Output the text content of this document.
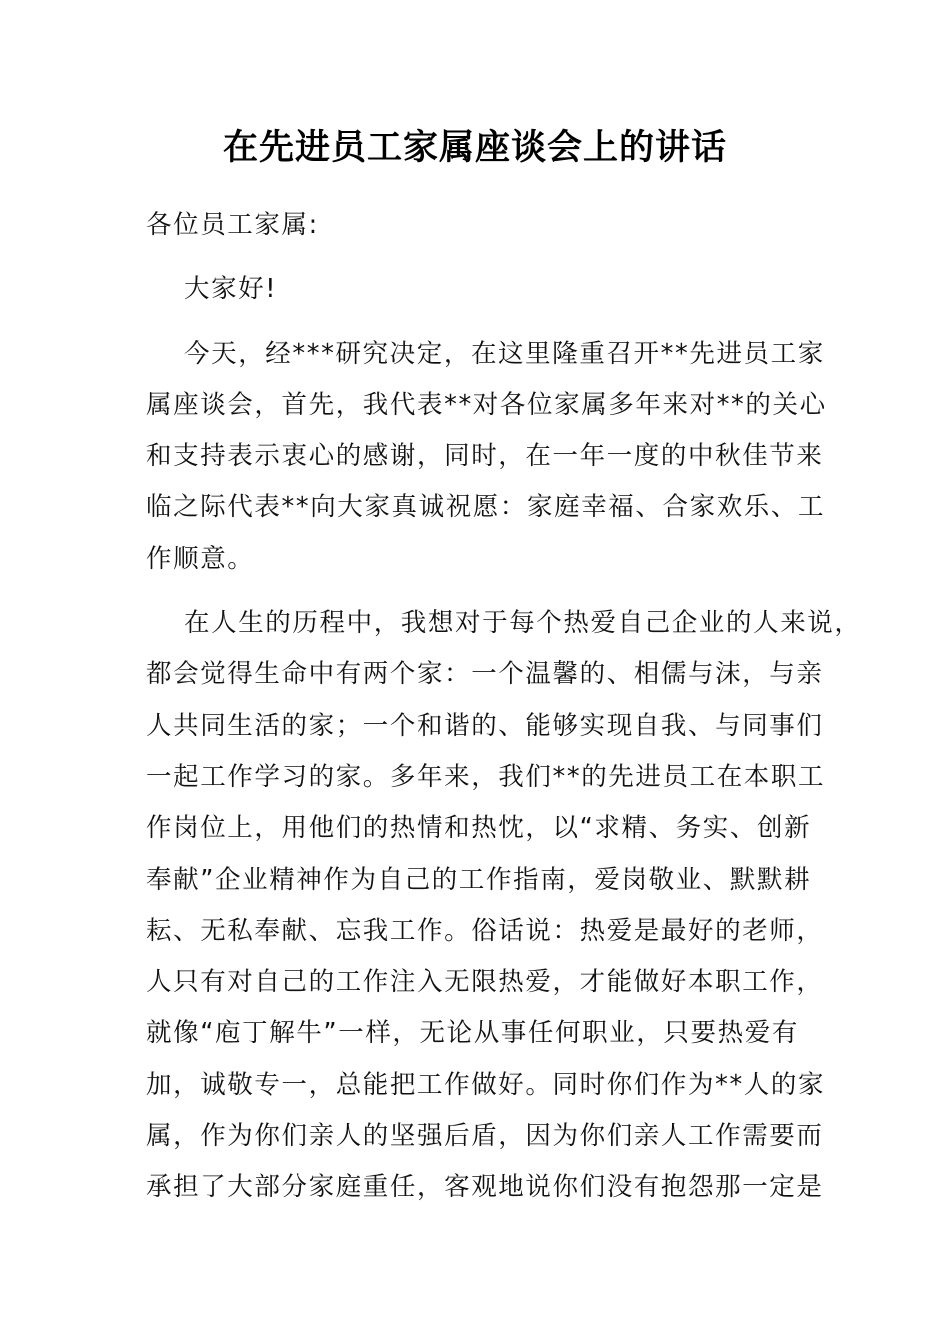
在先进员工家属座谈会上的讲话
各位员工家属:
大家好!
今天，经***研究决定，在这里隆重召开**先进员工家
属座谈会，首先，我代表**对各位家属多年来对**的关心
和支持表示衷心的感谢，同时，在一年一度的中秋佳节来
临之际代表**向大家真诚祝愿：家庭幸福、合家欢乐、工
作顺意。
在人生的历程中，我想对于每个热爱自己企业的人来说，
都会觉得生命中有两个家：一个温馨的、相儒与沫，与亲
人共同生活的家；一个和谐的、能够实现自我、与同事们
一起工作学习的家。多年来，我们**的先进员工在本职工
作岗位上，用他们的热情和热忱，以“求精、务实、创新
奉献”企业精神作为自己的工作指南，爱岗敬业、默默耕
耘、无私奉献、忘我工作。俗话说：热爱是最好的老师，
人只有对自己的工作注入无限热爱，才能做好本职工作，
就像“庖丁解牛”一样，无论从事任何职业，只要热爱有
加，诚敬专一，总能把工作做好。同时你们作为**人的家
属，作为你们亲人的坚强后盾，因为你们亲人工作需要而
承担了大部分家庭重任，客观地说你们没有抱怨那一定是
